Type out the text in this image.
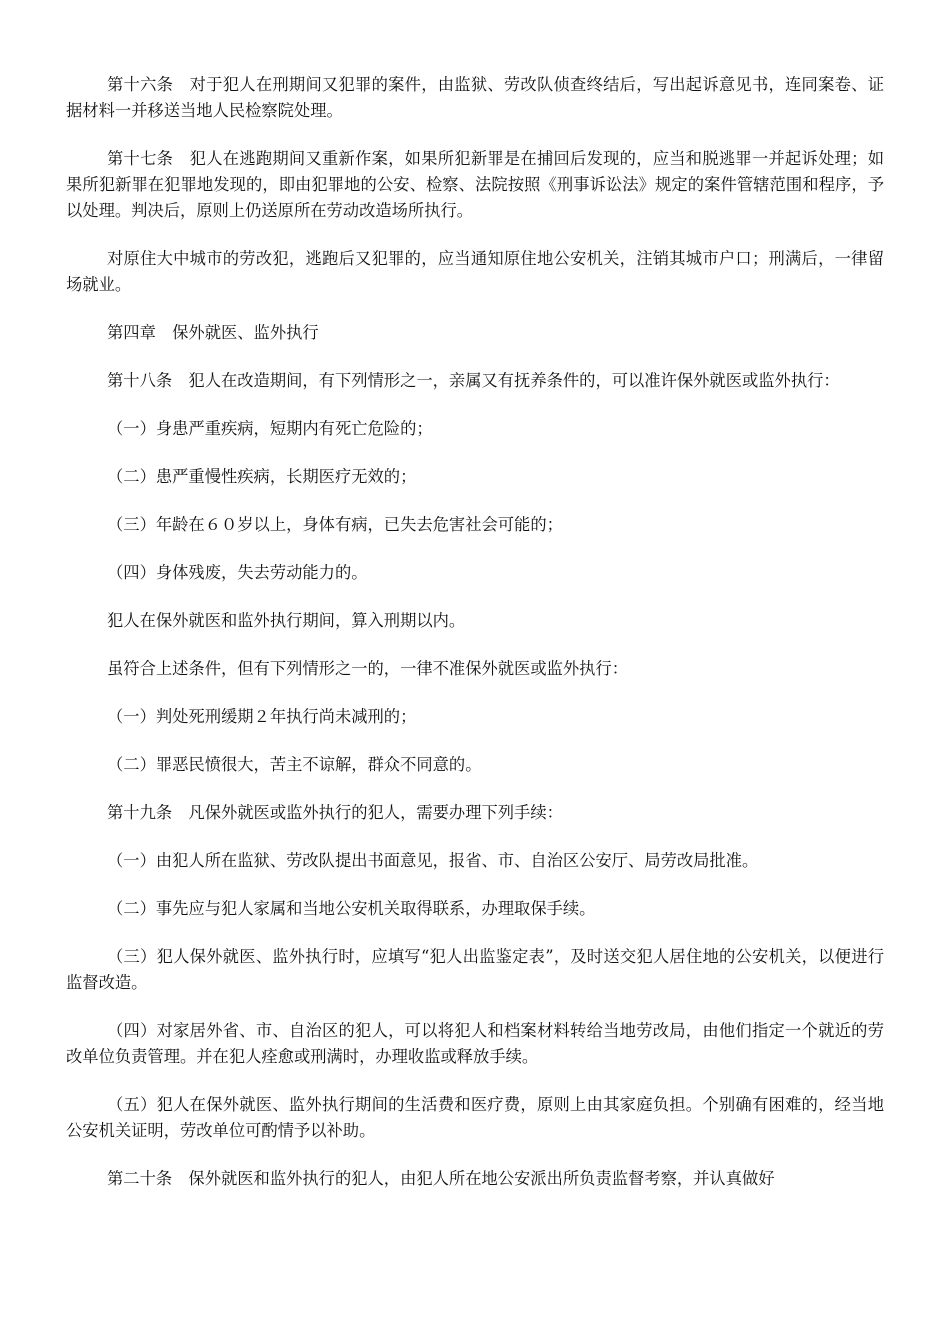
第十六条　对于犯人在刑期间又犯罪的案件，由监狱、劳改队侦查终结后，写出起诉意见书，连同案卷、证据材料一并移送当地人民检察院处理。

第十七条　犯人在逃跑期间又重新作案，如果所犯新罪是在捕回后发现的，应当和脱逃罪一并起诉处理；如果所犯新罪在犯罪地发现的，即由犯罪地的公安、检察、法院按照《刑事诉讼法》规定的案件管辖范围和程序，予以处理。判决后，原则上仍送原所在劳动改造场所执行。

对原住大中城市的劳改犯，逃跑后又犯罪的，应当通知原住地公安机关，注销其城市户口；刑满后，一律留场就业。

第四章　保外就医、监外执行

第十八条　犯人在改造期间，有下列情形之一，亲属又有抚养条件的，可以准许保外就医或监外执行：

（一）身患严重疾病，短期内有死亡危险的；

（二）患严重慢性疾病，长期医疗无效的；

（三）年龄在６０岁以上，身体有病，已失去危害社会可能的；

（四）身体残废，失去劳动能力的。

犯人在保外就医和监外执行期间，算入刑期以内。

虽符合上述条件，但有下列情形之一的，一律不准保外就医或监外执行：

（一）判处死刑缓期２年执行尚未减刑的；

（二）罪恶民愤很大，苦主不谅解，群众不同意的。

第十九条　凡保外就医或监外执行的犯人，需要办理下列手续：

（一）由犯人所在监狱、劳改队提出书面意见，报省、市、自治区公安厅、局劳改局批准。

（二）事先应与犯人家属和当地公安机关取得联系，办理取保手续。

（三）犯人保外就医、监外执行时，应填写“犯人出监鉴定表”，及时送交犯人居住地的公安机关，以便进行监督改造。

（四）对家居外省、市、自治区的犯人，可以将犯人和档案材料转给当地劳改局，由他们指定一个就近的劳改单位负责管理。并在犯人痊愈或刑满时，办理收监或释放手续。

（五）犯人在保外就医、监外执行期间的生活费和医疗费，原则上由其家庭负担。个别确有困难的，经当地公安机关证明，劳改单位可酌情予以补助。

第二十条　保外就医和监外执行的犯人，由犯人所在地公安派出所负责监督考察，并认真做好
